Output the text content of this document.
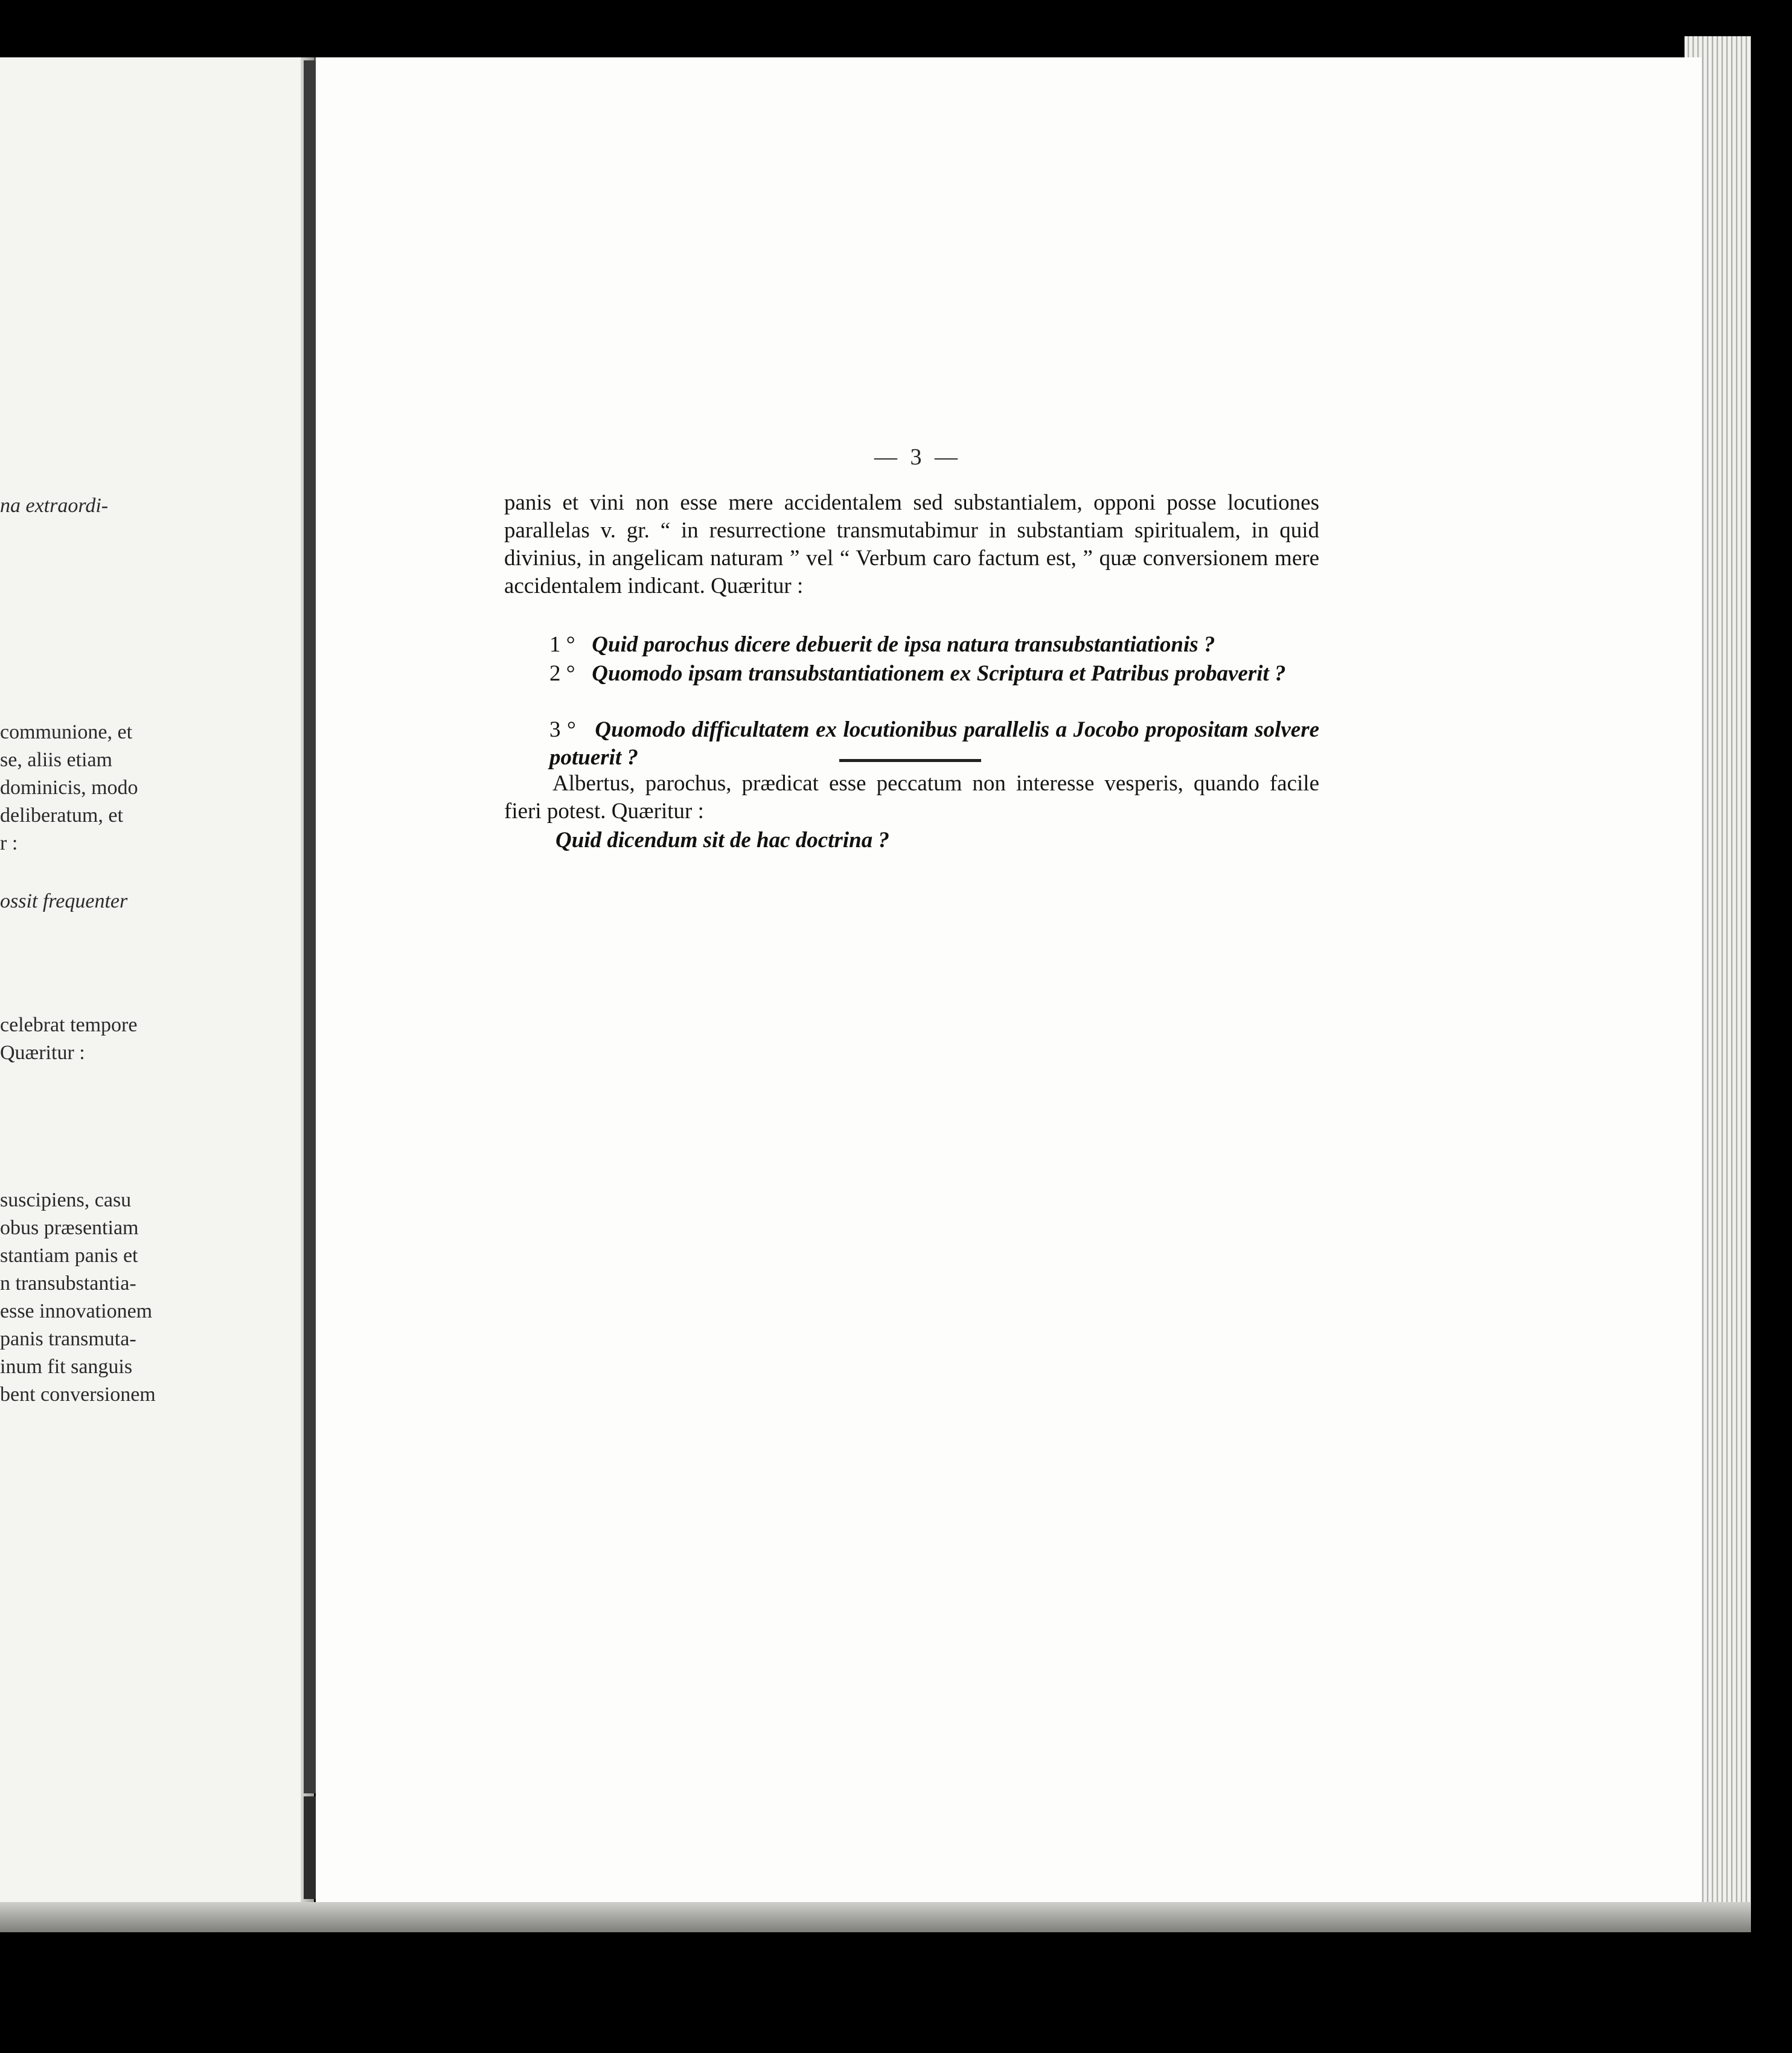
na extraordi-
communione, et
se, aliis etiam
dominicis, modo
deliberatum, et
r :
ossit frequenter
celebrat tempore
Quæritur :
suscipiens, casu
obus præsentiam
stantiam panis et
n transubstantia-
esse innovationem
panis transmuta-
inum fit sanguis
bent conversionem
— 3 —
panis et vini non esse mere accidentalem sed substantialem, opponi posse locutiones parallelas v. gr. “ in resurrectione transmutabimur in substantiam spiritualem, in quid divinius, in angelicam naturam ” vel “ Verbum caro factum est, ” quæ conversionem mere accidentalem indicant. Quæritur :
1 ° Quid parochus dicere debuerit de ipsa natura transubstantiationis ?
2 ° Quomodo ipsam transubstantiationem ex Scriptura et Patribus probaverit ?
3 ° Quomodo difficultatem ex locutionibus parallelis a Jocobo propositam solvere potuerit ?
Albertus, parochus, prædicat esse peccatum non interesse vesperis, quando facile fieri potest. Quæritur :
Quid dicendum sit de hac doctrina ?
